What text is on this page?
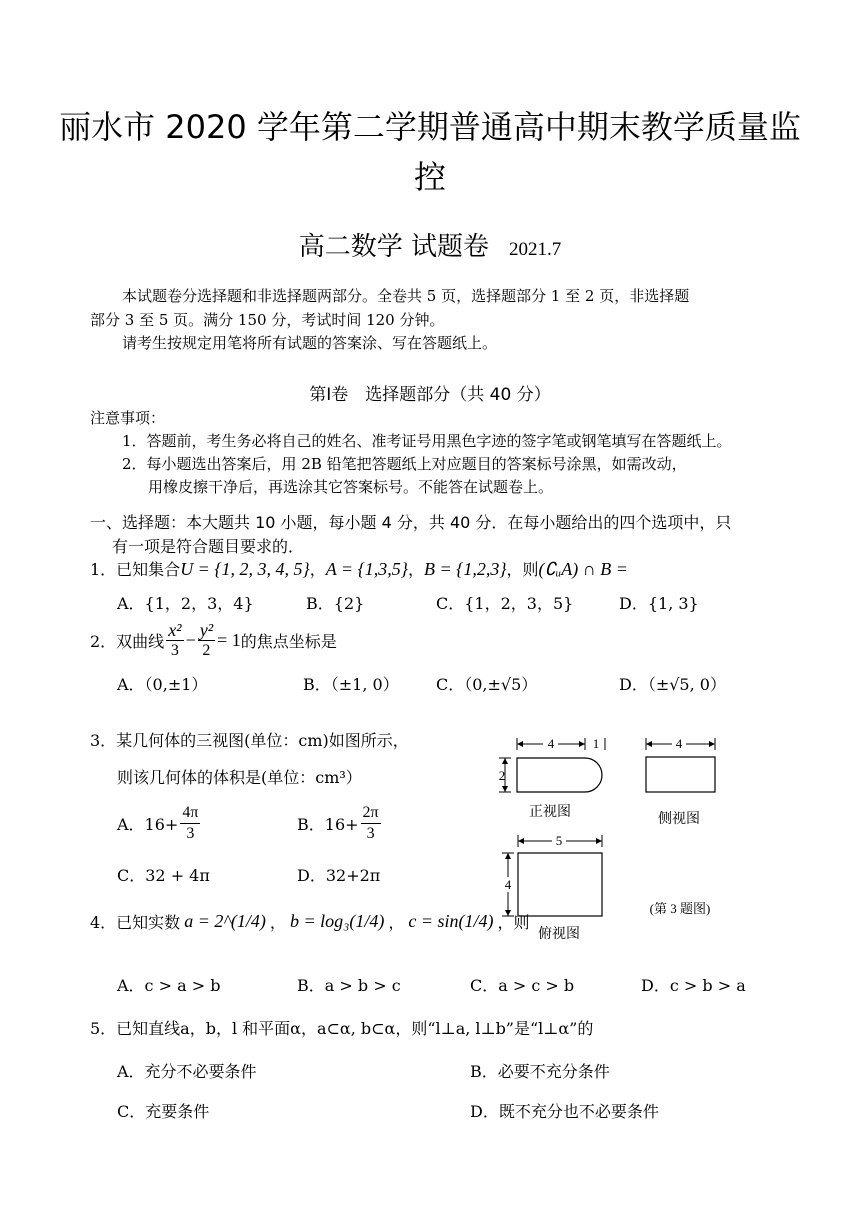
丽水市 2020 学年第二学期普通高中期末教学质量监
控
高二数学 试题卷 2021.7
本试题卷分选择题和非选择题两部分。全卷共 5 页，选择题部分 1 至 2 页，非选择题
部分 3 至 5 页。满分 150 分，考试时间 120 分钟。
请考生按规定用笔将所有试题的答案涂、写在答题纸上。
第Ⅰ卷　选择题部分（共 40 分）
注意事项：
1．答题前，考生务必将自己的姓名、准考证号用黑色字迹的签字笔或钢笔填写在答题纸上。
2．每小题选出答案后，用 2B 铅笔把答题纸上对应题目的答案标号涂黑，如需改动，
用橡皮擦干净后，再选涂其它答案标号。不能答在试题卷上。
一、选择题：本大题共 10 小题，每小题 4 分，共 40 分．在每小题给出的四个选项中，只
有一项是符合题目要求的．
1．已知集合U = {1, 2, 3, 4, 5}，A = {1,3,5}，B = {1,2,3}，则(∁ᵤA) ∩ B =
A．{1，2，3，4}	B．{2}	C．{1，2，3，5}	D．{1, 3}
2．双曲线 $\frac{\text{x²}}{3} - \frac{\text{y²}}{2} = 1$ 的焦点坐标是
A．（0,±1）	B．（±1, 0） C．（0,±√5）	D．（±√5, 0）
3．某几何体的三视图(单位：cm)如图所示，
则该几何体的体积是(单位：cm³）
A．$16+ \frac{4\pi}{3}$	B．$16+ \frac{2\pi}{3}$
C．32 + 4π	D．32+2π
4	1
2
正视图
4
侧视图
5
4
俯视图
(第 3 题图)
4．已知实数 a = 2^(1/4) ， b = log₃(1/4) ， c = sin(1/4) ，则
A．c > a > b	B．a > b > c	C．a > c > b	D．c > b > a
5．已知直线a，b，l 和平面α，a⊂α, b⊂α，则“l⊥a, l⊥b”是“l⊥α”的
A．充分不必要条件	B．必要不充分条件
C．充要条件	D．既不充分也不必要条件
